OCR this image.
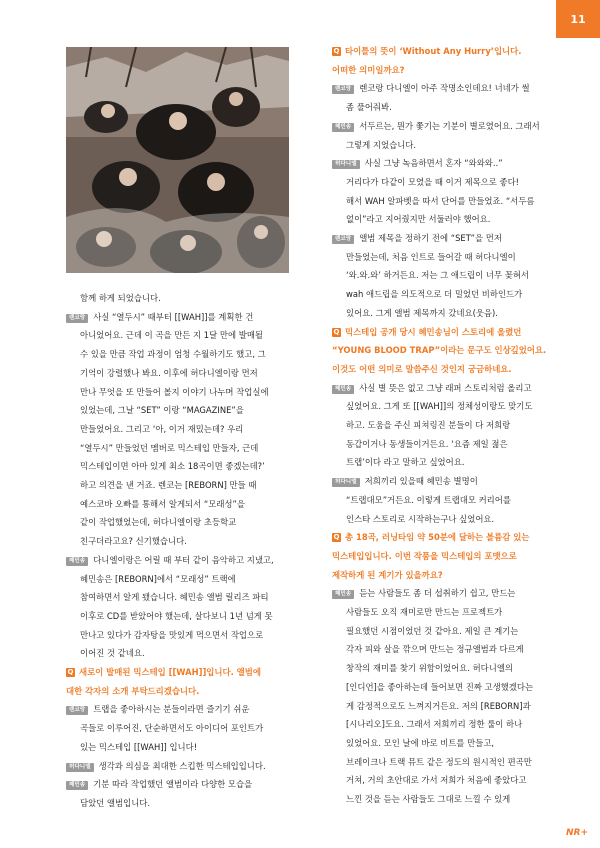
11
함께 하게 되었습니다.
렌코랑 사실 “열두시” 때부터 [[WAH]]를 계획한 건
아니었어요. 근데 이 곡을 만든 지 1달 만에 발매될
수 있을 만큼 작업 과정이 엄청 수월하기도 했고, 그
기억이 강렬했나 봐요. 이후에 허다니엘이랑 먼저
만나 무엇을 또 만들어 볼지 이야기 나누며 작업실에
있었는데, 그날 “SET” 이랑 “MAGAZINE”을
만들었어요. 그리고 ‘아, 이거 재밌는데? 우리
“열두시” 만들었던 멤버로 믹스테입 만들자, 근데
믹스테입이면 아마 있게 최소 18곡이면 좋겠는데?’
하고 의견을 낸 거죠. 렌코는 [REBORN] 만들 때
예스코바 오빠를 통해서 알게되서 “모래성”을
같이 작업했었는데, 허다니엘이랑 초등학교
친구더라고요? 신기했습니다.
혜민송 다니엘이랑은 어릴 때 부터 같이 음악하고 지냈고,
혜민송은 [REBORN]에서 “모래성” 트랙에
참여하면서 알게 됐습니다. 혜민송 앨범 릴리즈 파티
이후로 CD를 받았어야 했는데, 살다보니 1년 넘게 못
만나고 있다가 감자탕을 맛있게 먹으면서 작업으로
이어진 것 같네요.
Q 새로이 발매된 믹스테입 [[WAH]]입니다. 앨범에
대한 각자의 소개 부탁드리겠습니다.
렌코랑 트랩을 좋아하시는 분들이라면 즐기기 쉬운
곡들로 이루어진, 단순하면서도 아이디어 포인트가
있는 믹스테입 [[WAH]] 입니다!
허다니엘 생각과 의심을 최대한 스킵한 믹스테입입니다.
혜민송 기분 따라 작업했던 앨범이라 다양한 모습을
담았던 앨범입니다.
Q 타이틀의 뜻이 ‘Without Any Hurry’입니다.
어떠한 의미일까요?
렌코랑 렌코랑 다니엘이 아주 작명소인데요! 너네가 썰
좀 풀어줘봐.
혜민송 서두르는, 뭔가 쫓기는 기분이 별로였어요. 그래서
그렇게 지었습니다.
허다니엘 사실 그냥 녹음하면서 혼자 “와와와..”
거리다가 다같이 모였을 때 이거 제목으로 좋다!
해서 WAH 알파벳을 따서 단어를 만들었죠. “서두름
없이”라고 지어줬지만 서둘러야 했어요.
렌코랑 앨범 제목을 정하기 전에 “SET”을 먼저
만들었는데, 처음 인트로 들어갈 때 허다니엘이
‘와.와.와’ 하거든요. 저는 그 애드립이 너무 꽂혀서
wah 애드립을 의도적으로 더 밀었던 비하인드가
있어요. 그게 앨범 제목까지 갔네요(웃음).
Q 믹스테입 공개 당시 혜민송님이 스토리에 올렸던
“YOUNG BLOOD TRAP”이라는 문구도 인상깊었어요.
이것도 어떤 의미로 말씀주신 것인지 궁금하네요.
혜민송 사실 별 뜻은 없고 그냥 래퍼 스토리처럼 올리고
싶었어요. 그게 또 [[WAH]]의 정체성이랑도 맞기도
하고. 도움을 주신 피쳐링진 분들이 다 저희랑
동갑이거나 동생들이거든요. ‘요즘 제일 젊은
트랩’이다 라고 말하고 싶었어요.
허다니엘 저희끼리 있을때 혜민송 별명이
“트랩대모”거든요. 이렇게 트랩대모 커리어를
인스타 스토리로 시작하는구나 싶었어요.
Q 총 18곡, 러닝타임 약 50분에 달하는 볼륨감 있는
믹스테입입니다. 이번 작품을 믹스테입의 포맷으로
제작하게 된 계기가 있을까요?
혜민송 듣는 사람들도 좀 더 섭취하기 쉽고, 만드는
사람들도 오직 재미로만 만드는 프로젝트가
필요했던 시점이었던 것 같아요. 제일 큰 계기는
각자 피와 살을 깎으며 만드는 정규앨범과 다르게
창작의 재미를 찾기 위함이었어요. 허다니엘의
[인디언]을 좋아하는데 들어보면 진짜 고생했겠다는
게 감정적으로도 느껴지거든요. 저의 [REBORN]과
[시나리오]도요. 그래서 저희끼리 정한 룰이 하나
있었어요. 모인 날에 바로 비트를 만들고,
브레이크나 트랙 뮤트 같은 정도의 원시적인 편곡만
거쳐, 거의 초안대로 가서 저희가 처음에 좋았다고
느낀 것을 듣는 사람들도 그대로 느낄 수 있게
NR+
